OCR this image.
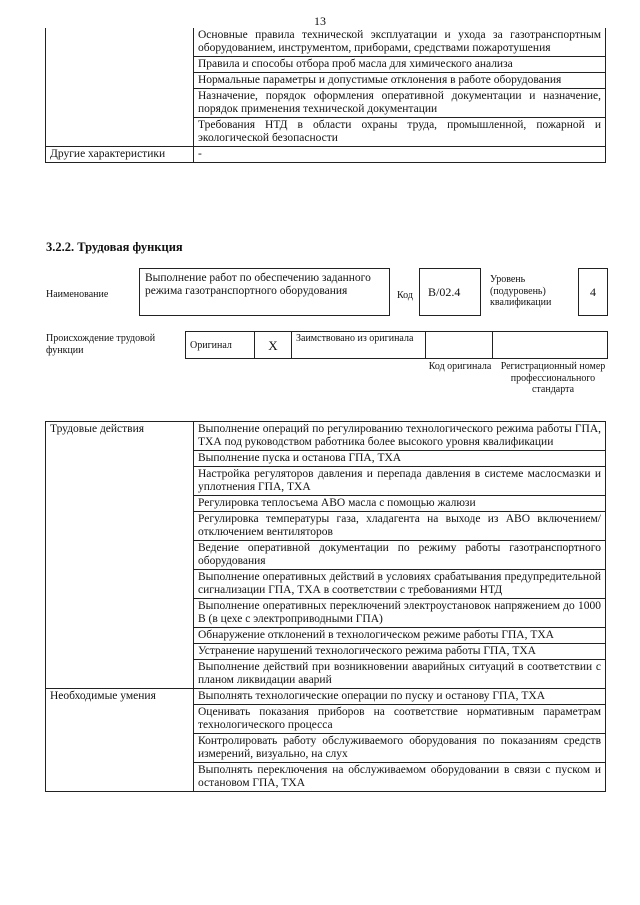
13
	Основные правила технической эксплуатации и ухода за газотранспортным оборудованием, инструментом, приборами, средствами пожаротушения
	Правила и способы отбора проб масла для химического анализа
	Нормальные параметры и допустимые отклонения в работе оборудования
	Назначение, порядок оформления оперативной документации и назначение, порядок применения технической документации
	Требования НТД в области охраны труда, промышленной, пожарной и экологической безопасности
Другие характеристики	-
3.2.2. Трудовая функция
Наименование
Выполнение работ по обеспечению заданного режима газотранспортного оборудования	Код	В/02.4
Уровень (подуровень) квалификации
4
Происхождение трудовой функции	Оригинал	X	Заимствовано из оригинала		
Код оригинала Регистрационный номер профессионального стандарта
Трудовые действия	Выполнение операций по регулированию технологического режима работы ГПА, ТХА под руководством работника более высокого уровня квалификации
	Выполнение пуска и останова ГПА, ТХА
	Настройка регуляторов давления и перепада давления в системе маслосмазки и уплотнения ГПА, ТХА
	Регулировка теплосъема АВО масла с помощью жалюзи
	Регулировка температуры газа, хладагента на выходе из АВО включением/отключением вентиляторов
	Ведение оперативной документации по режиму работы газотранспортного оборудования
	Выполнение оперативных действий в условиях срабатывания предупредительной сигнализации ГПА, ТХА в соответствии с требованиями НТД
	Выполнение оперативных переключений электроустановок напряжением до 1000 В (в цехе с электроприводными ГПА)
	Обнаружение отклонений в технологическом режиме работы ГПА, ТХА
	Устранение нарушений технологического режима работы ГПА, ТХА
	Выполнение действий при возникновении аварийных ситуаций в соответствии с планом ликвидации аварий
Необходимые умения	Выполнять технологические операции по пуску и останову ГПА, ТХА
	Оценивать показания приборов на соответствие нормативным параметрам технологического процесса
	Контролировать работу обслуживаемого оборудования по показаниям средств измерений, визуально, на слух
	Выполнять переключения на обслуживаемом оборудовании в связи с пуском и остановом ГПА, ТХА
